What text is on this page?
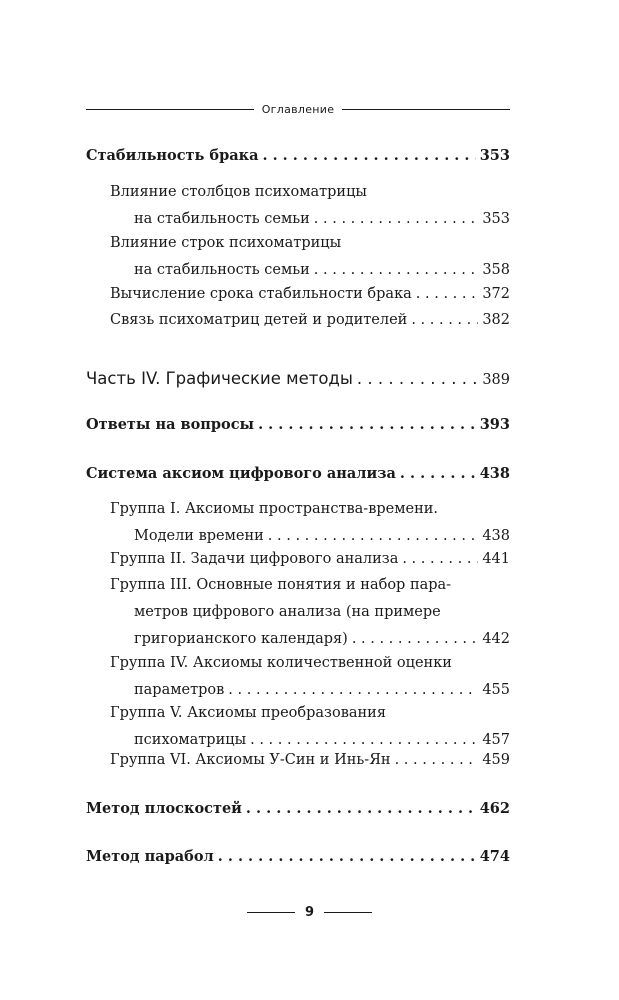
Оглавление
Стабильность брака . . .	353
Влияние столбцов психоматрицы
на стабильность семьи . . .	353
Влияние строк психоматрицы
на стабильность семьи . . .	358
Вычисление срока стабильности брака . . .	372
Связь психоматриц детей и родителей . . .	382
Часть IV. Графические методы . . .	389
Ответы на вопросы . . .	393
Система аксиом цифрового анализа . . .	438
Группа I. Аксиомы пространства-времени.
Модели времени . . .	438
Группа II. Задачи цифрового анализа . . .	441
Группа III. Основные понятия и набор пара-
метров цифрового анализа (на примере
григорианского календаря) . . .	442
Группа IV. Аксиомы количественной оценки
параметров . . .	455
Группа V. Аксиомы преобразования
психоматрицы . . .	457
Группа VI. Аксиомы У-Син и Инь-Ян . . .	459
Метод плоскостей . . .	462
Метод парабол . . .	474
9
